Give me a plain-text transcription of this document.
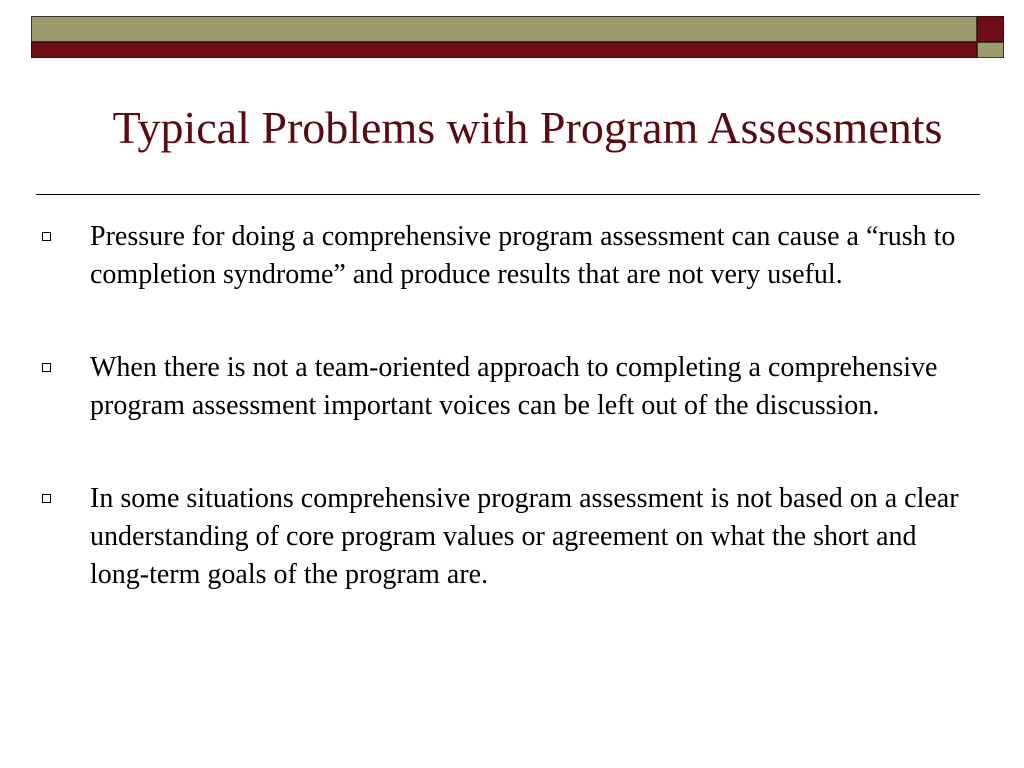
Typical Problems with Program Assessments
Pressure for doing a comprehensive program assessment can cause a “rush to completion syndrome” and produce results that are not very useful.
When there is not a team-oriented approach to completing a comprehensive program assessment important voices can be left out of the discussion.
In some situations comprehensive program assessment is not based on a clear understanding of core program values or agreement on what the short and long-term goals of the program are.
